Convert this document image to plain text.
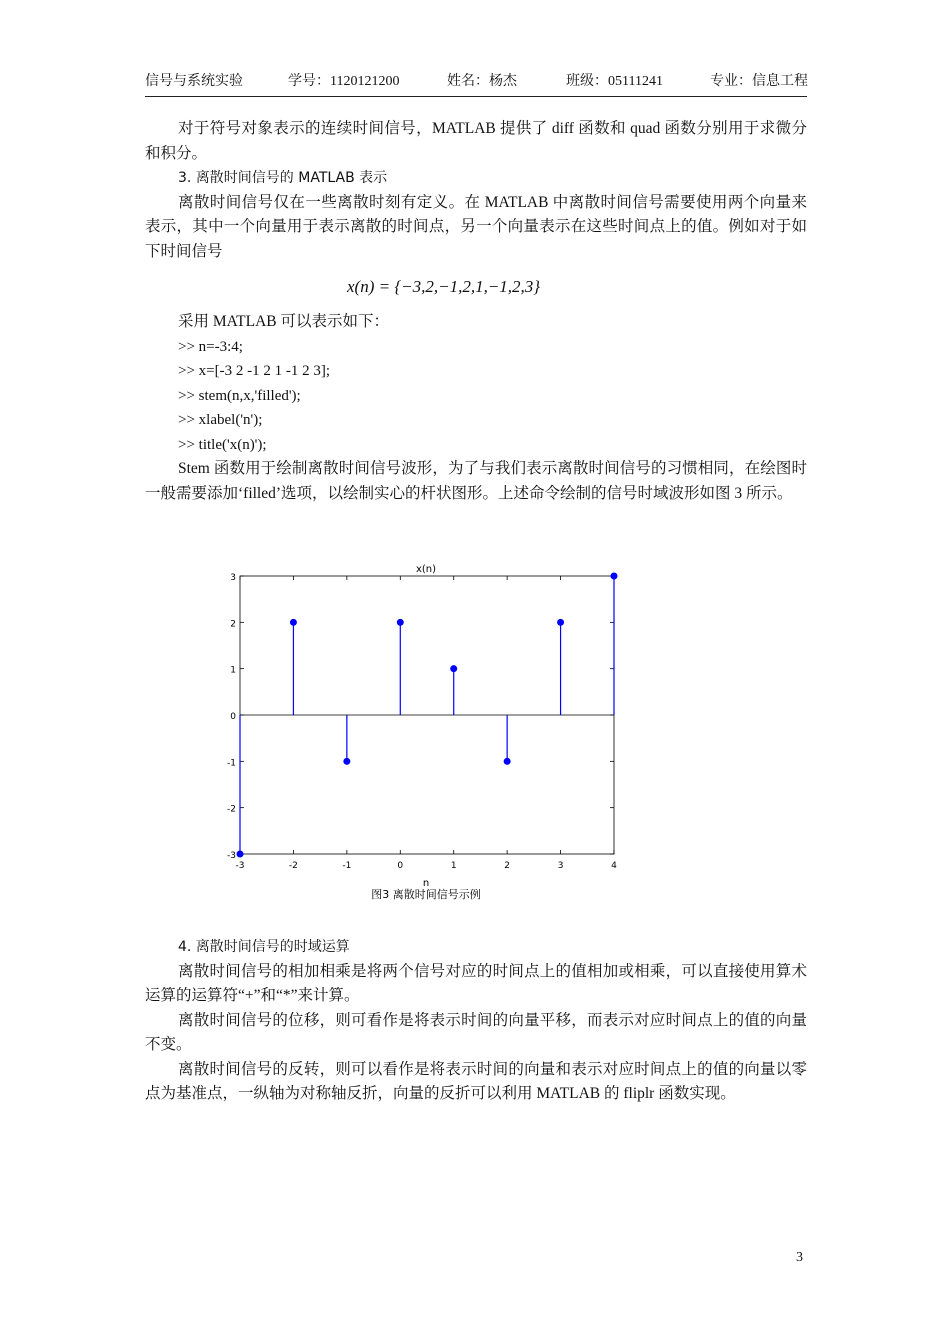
信号与系统实验	学号：1120121200	姓名：杨杰	班级：05111241	专业：信息工程

对于符号对象表示的连续时间信号，MATLAB 提供了 diff 函数和 quad 函数分别用于求微分和积分。

3. 离散时间信号的 MATLAB 表示

离散时间信号仅在一些离散时刻有定义。在 MATLAB 中离散时间信号需要使用两个向量来表示，其中一个向量用于表示离散的时间点，另一个向量表示在这些时间点上的值。例如对于如下时间信号

x(n) = {−3,2,−1,2,1,−1,2,3}

采用 MATLAB 可以表示如下：

>> n=-3:4;

>> x=[-3 2 -1 2 1 -1 2 3];

>> stem(n,x,'filled');

>> xlabel('n');

>> title('x(n)');

Stem 函数用于绘制离散时间信号波形，为了与我们表示离散时间信号的习惯相同，在绘图时一般需要添加‘filled’选项，以绘制实心的杆状图形。上述命令绘制的信号时域波形如图 3 所示。

x(n)
-3	-2	-1	0	1	2	3	4
-3
-2
-1
0
1
2
3
n
图3 离散时间信号示例

4. 离散时间信号的时域运算

离散时间信号的相加相乘是将两个信号对应的时间点上的值相加或相乘，可以直接使用算术运算的运算符“+”和“*”来计算。

离散时间信号的位移，则可看作是将表示时间的向量平移，而表示对应时间点上的值的向量不变。

离散时间信号的反转，则可以看作是将表示时间的向量和表示对应时间点上的值的向量以零点为基准点，一纵轴为对称轴反折，向量的反折可以利用 MATLAB 的 fliplr 函数实现。

3
